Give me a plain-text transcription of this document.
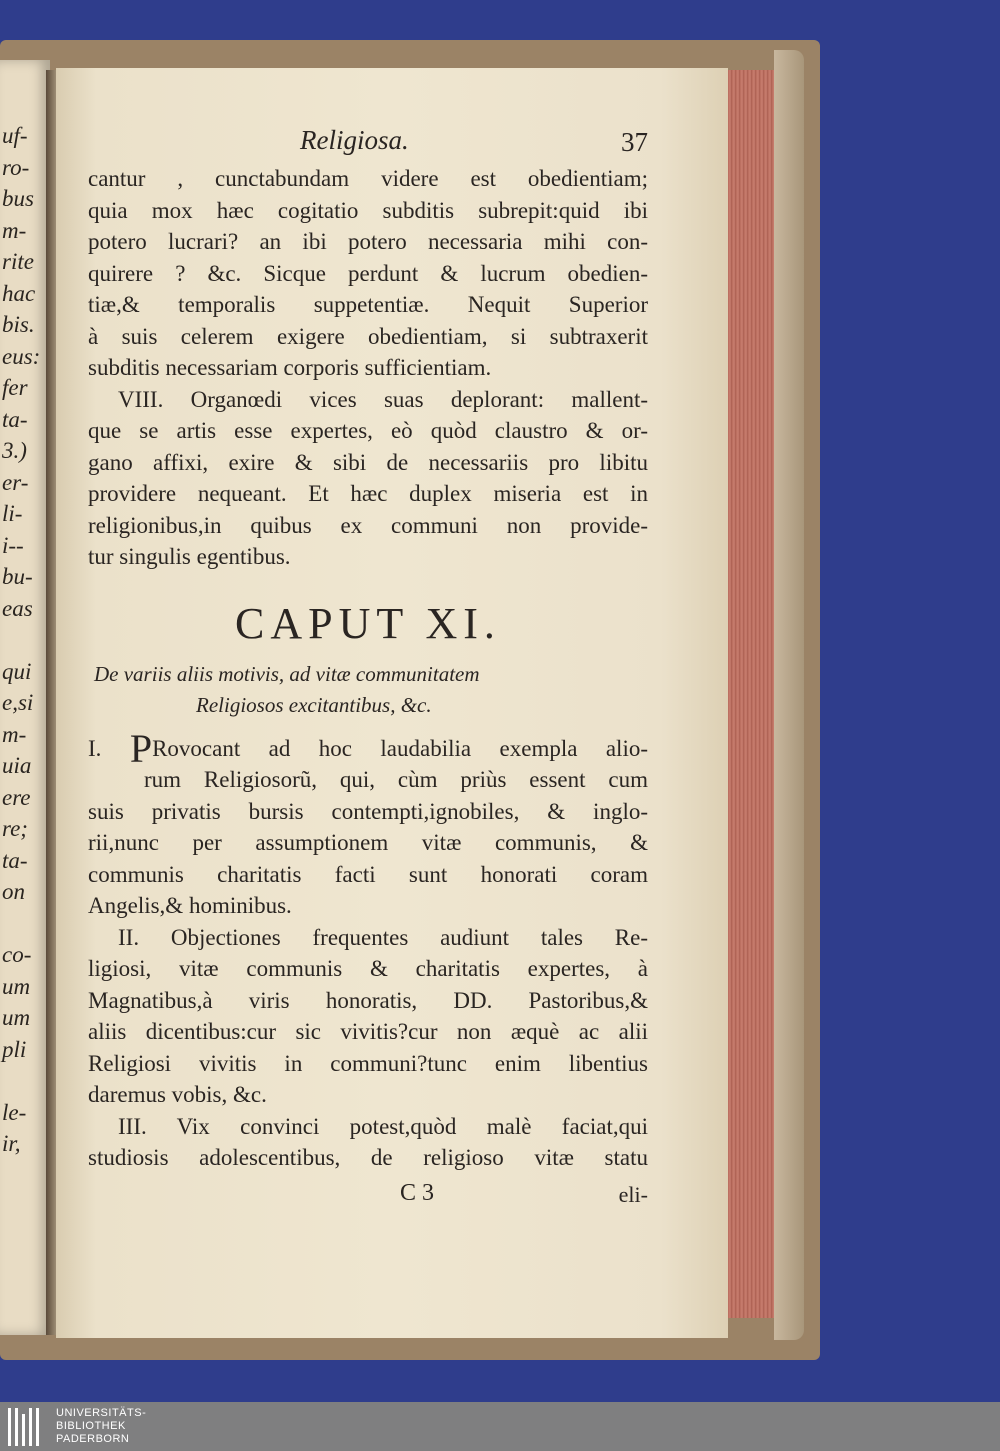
uf-
ro-
bus
m-
rite
hac
bis.
eus:
fer
ta-
3.)
er-
li-
i--
bu-
eas
qui
e,si
m-
uia
ere
re;
ta-
on
co-
um
um
pli
le-
ir,
Religiosa.	37
cantur , cunctabundam videre est obedientiam;
quia mox hæc cogitatio subditis subrepit:quid ibi
potero lucrari? an ibi potero necessaria mihi con-
quirere ? &c. Sicque perdunt & lucrum obedien-
tiæ,& temporalis suppetentiæ. Nequit Superior
à suis celerem exigere obedientiam, si subtraxerit
subditis necessariam corporis sufficientiam.
VIII. Organœdi vices suas deplorant: mallent-
que se artis esse expertes, eò quòd claustro & or-
gano affixi, exire & sibi de necessariis pro libitu
providere nequeant. Et hæc duplex miseria est in
religionibus,in quibus ex communi non provide-
tur singulis egentibus.
CAPUT XI.
De variis aliis motivis, ad vitæ communitatem
Religiosos excitantibus, &c.
I. PRovocant ad hoc laudabilia exempla alio-
rum Religiosorũ, qui, cùm priùs essent cum
suis privatis bursis contempti,ignobiles, & inglo-
rii,nunc per assumptionem vitæ communis, &
communis charitatis facti sunt honorati coram
Angelis,& hominibus.
II. Objectiones frequentes audiunt tales Re-
ligiosi, vitæ communis & charitatis expertes, à
Magnatibus,à viris honoratis, DD. Pastoribus,&
aliis dicentibus:cur sic vivitis?cur non æquè ac alii
Religiosi vivitis in communi?tunc enim libentius
daremus vobis, &c.
III. Vix convinci potest,quòd malè faciat,qui
studiosis adolescentibus, de religioso vitæ statu
C 3	eli-
UNIVERSITÄTS-
BIBLIOTHEK
PADERBORN
